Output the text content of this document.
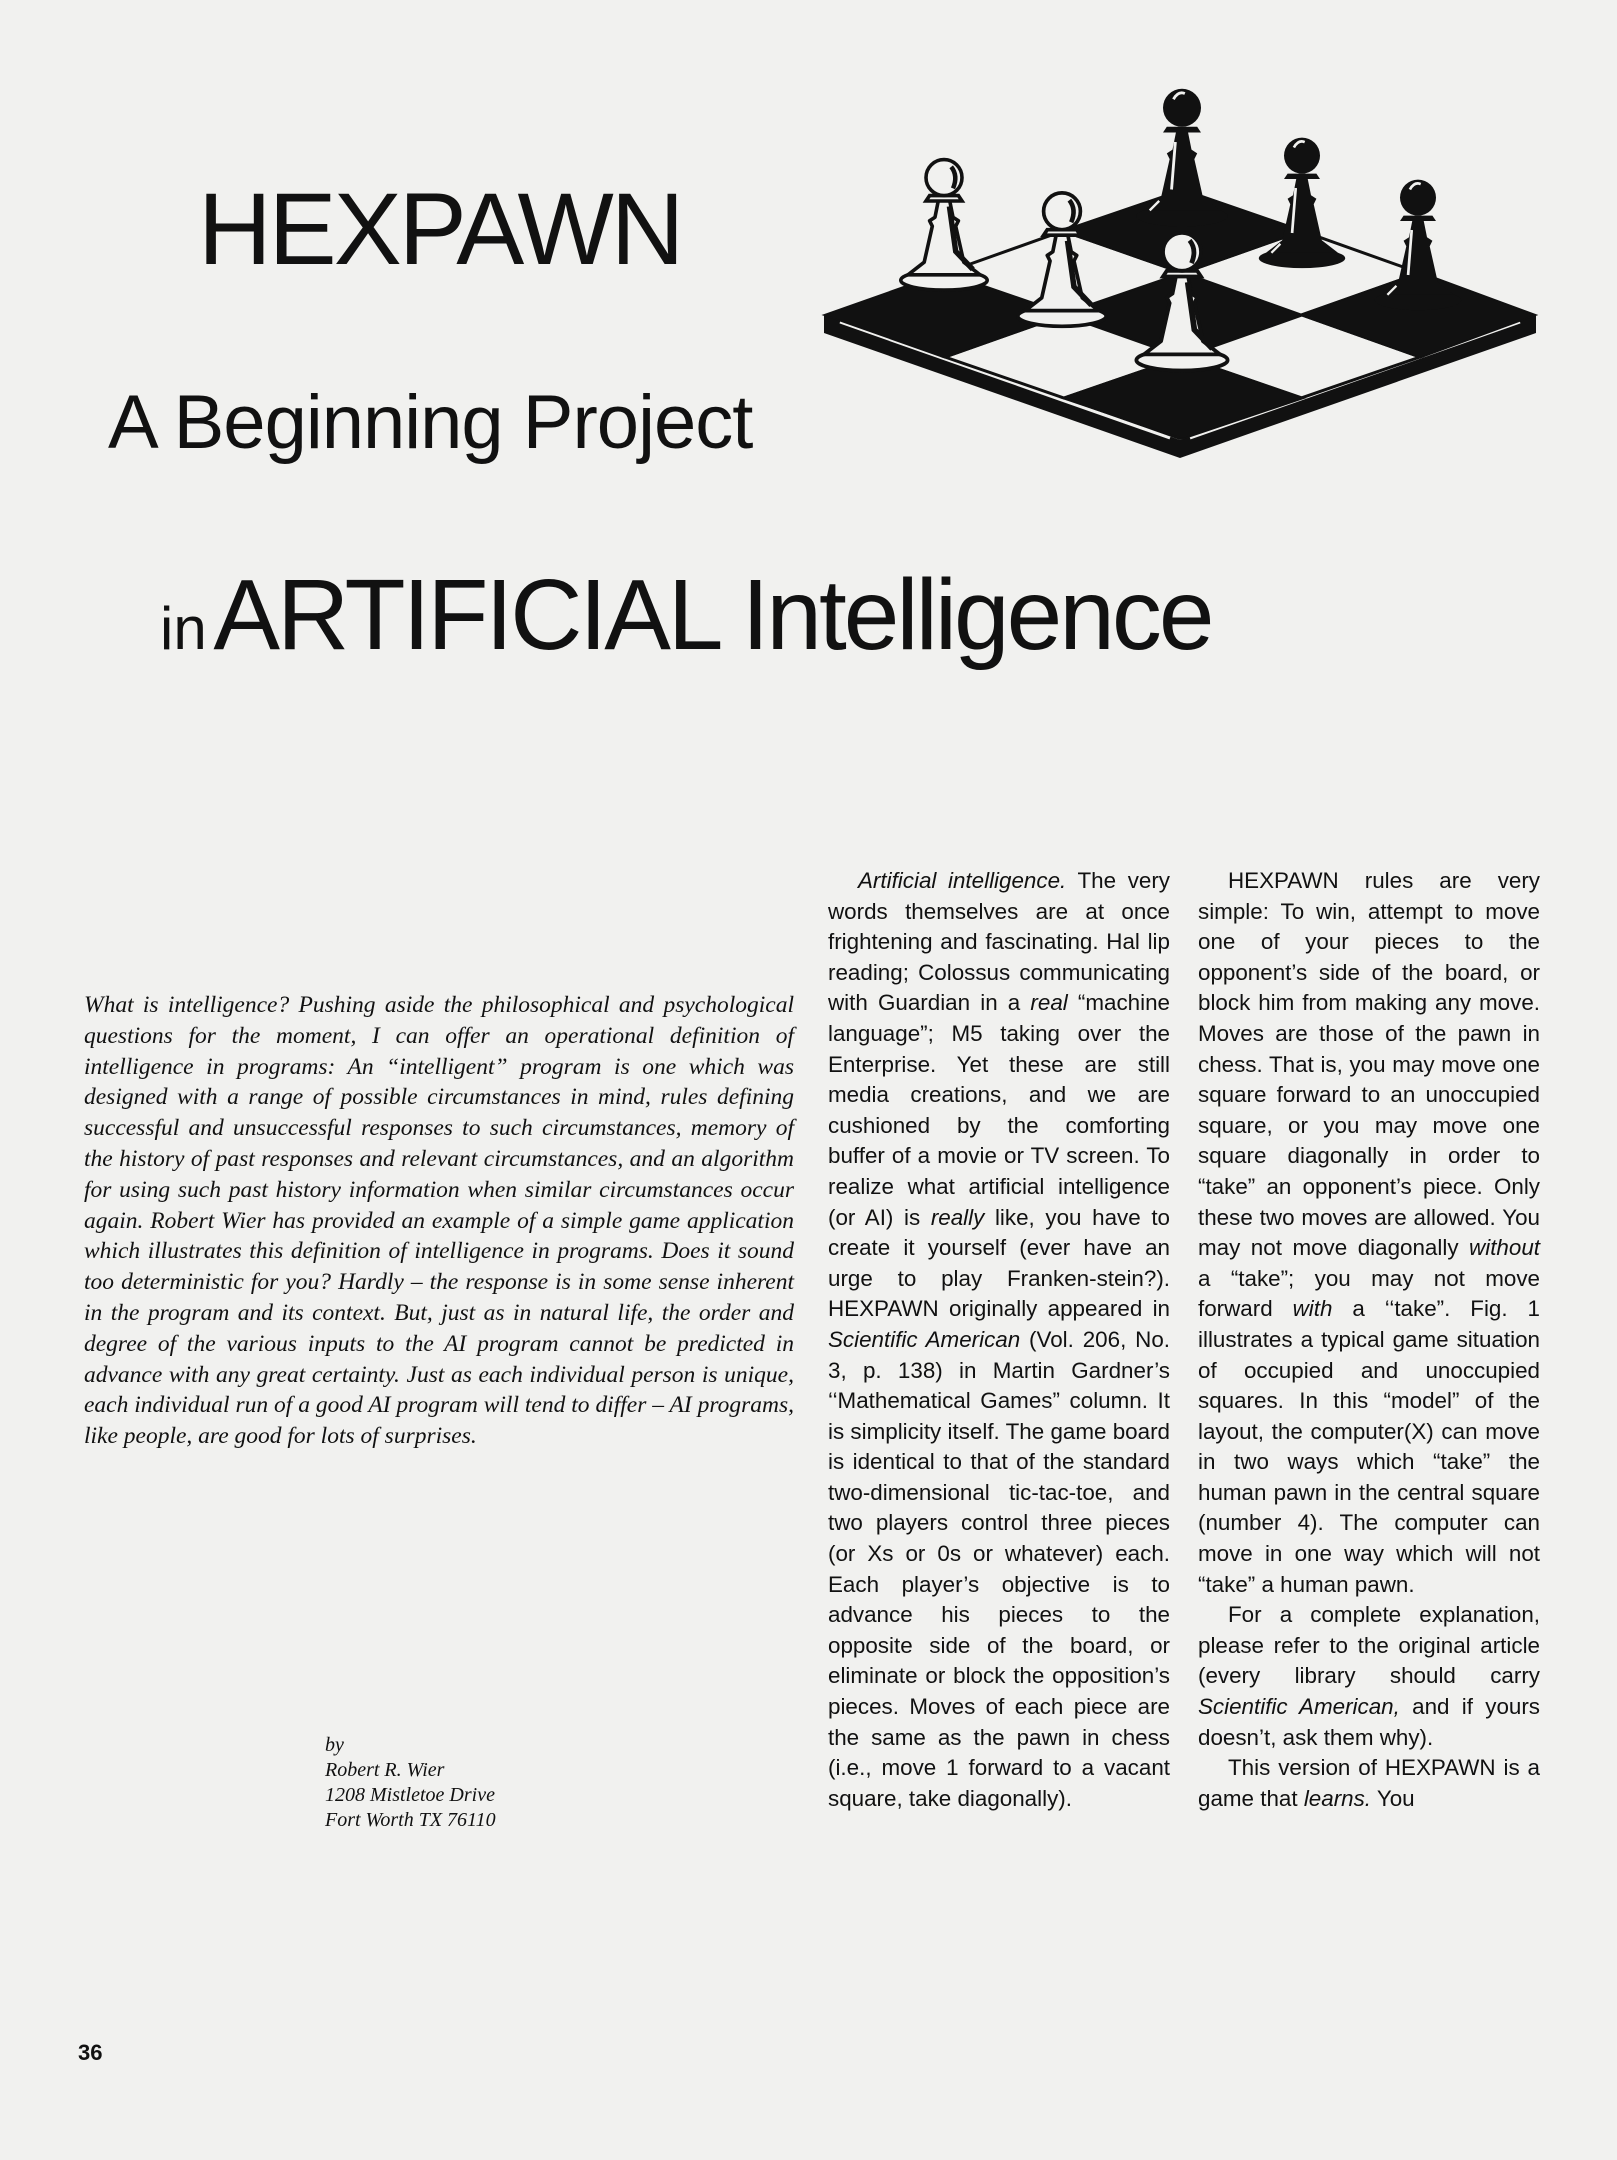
HEXPAWN
A Beginning Project
in ARTIFICIAL Intelligence

What is intelligence? Pushing aside the philosophical and psychological questions for the moment, I can offer an operational definition of intelligence in programs: An “intelligent” program is one which was designed with a range of possible circumstances in mind, rules defining successful and unsuccessful responses to such circumstances, memory of the history of past responses and relevant circumstances, and an algorithm for using such past history information when similar circumstances occur again. Robert Wier has provided an example of a simple game application which illustrates this definition of intelligence in programs. Does it sound too deterministic for you? Hardly – the response is in some sense inherent in the program and its context. But, just as in natural life, the order and degree of the various inputs to the AI program cannot be predicted in advance with any great certainty. Just as each individual person is unique, each individual run of a good AI program will tend to differ – AI programs, like people, are good for lots of surprises.

by
Robert R. Wier
1208 Mistletoe Drive
Fort Worth TX 76110

Artificial intelligence. The very words themselves are at once frightening and fascinating. Hal lip reading; Colossus communicating with Guardian in a real “machine language”; M5 taking over the Enterprise. Yet these are still media creations, and we are cushioned by the comforting buffer of a movie or TV screen. To realize what artificial intelligence (or AI) is really like, you have to create it yourself (ever have an urge to play Franken-stein?). HEXPAWN originally appeared in Scientific American (Vol. 206, No. 3, p. 138) in Martin Gardner’s ‘‘Mathematical Games” column. It is simplicity itself. The game board is identical to that of the standard two-dimensional tic-tac-toe, and two players control three pieces (or Xs or 0s or whatever) each. Each player’s objective is to advance his pieces to the opposite side of the board, or eliminate or block the opposition’s pieces. Moves of each piece are the same as the pawn in chess (i.e., move 1 forward to a vacant square, take diagonally).

HEXPAWN rules are very simple: To win, attempt to move one of your pieces to the opponent’s side of the board, or block him from making any move. Moves are those of the pawn in chess. That is, you may move one square forward to an unoccupied square, or you may move one square diagonally in order to “take” an opponent’s piece. Only these two moves are allowed. You may not move diagonally without a “take”; you may not move forward with a ‘‘take”. Fig. 1 illustrates a typical game situation of occupied and unoccupied squares. In this “model” of the layout, the computer(X) can move in two ways which “take” the human pawn in the central square (number 4). The computer can move in one way which will not “take” a human pawn.

For a complete explanation, please refer to the original article (every library should carry Scientific American, and if yours doesn’t, ask them why).

This version of HEXPAWN is a game that learns. You

36
